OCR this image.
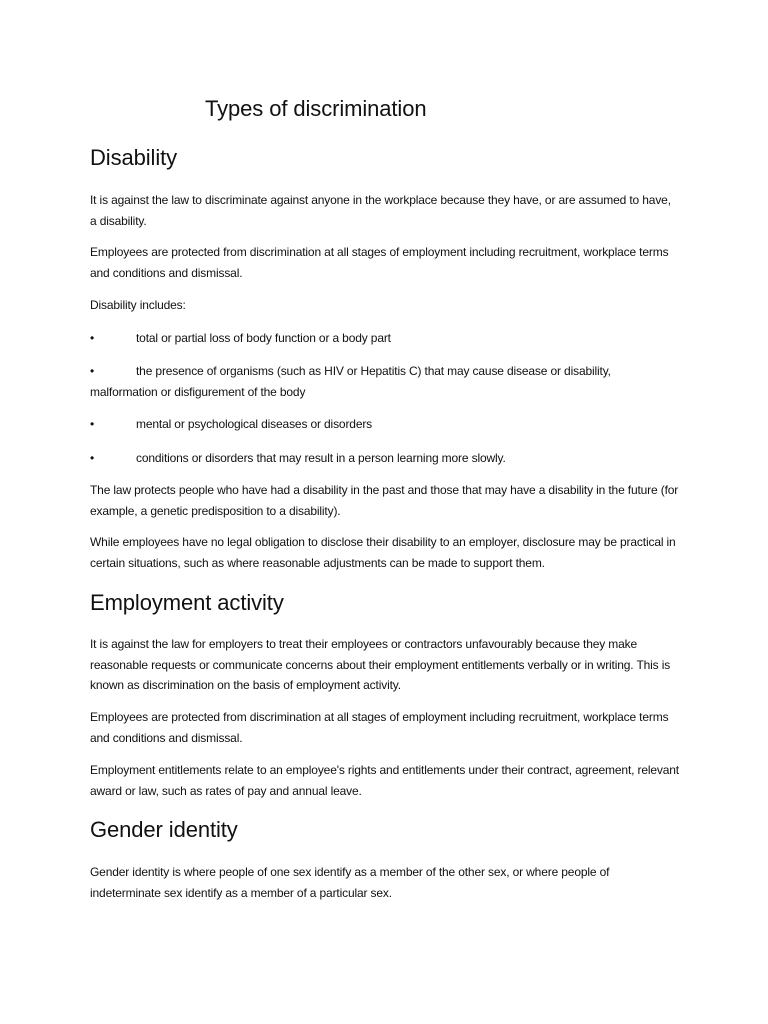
Types of discrimination
Disability

It is against the law to discriminate against anyone in the workplace because they have, or are assumed to have, a disability.

Employees are protected from discrimination at all stages of employment including recruitment, workplace terms and conditions and dismissal.

Disability includes:

•	total or partial loss of body function or a body part

•	the presence of organisms (such as HIV or Hepatitis C) that may cause disease or disability, malformation or disfigurement of the body

•	mental or psychological diseases or disorders

•	conditions or disorders that may result in a person learning more slowly.

The law protects people who have had a disability in the past and those that may have a disability in the future (for example, a genetic predisposition to a disability).

While employees have no legal obligation to disclose their disability to an employer, disclosure may be practical in certain situations, such as where reasonable adjustments can be made to support them.

Employment activity

It is against the law for employers to treat their employees or contractors unfavourably because they make reasonable requests or communicate concerns about their employment entitlements verbally or in writing. This is known as discrimination on the basis of employment activity.

Employees are protected from discrimination at all stages of employment including recruitment, workplace terms and conditions and dismissal.

Employment entitlements relate to an employee's rights and entitlements under their contract, agreement, relevant award or law, such as rates of pay and annual leave.

Gender identity

Gender identity is where people of one sex identify as a member of the other sex, or where people of indeterminate sex identify as a member of a particular sex.
